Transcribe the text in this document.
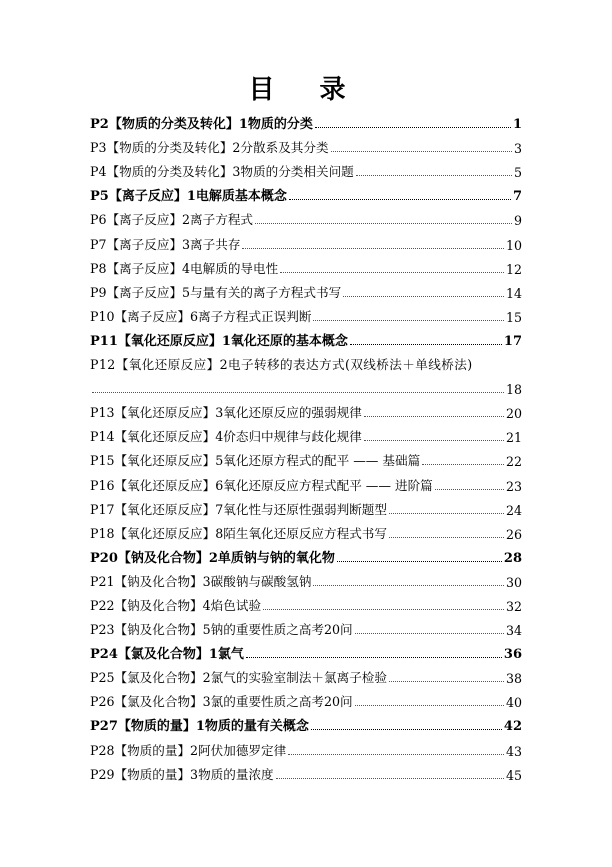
目 录
P2【物质的分类及转化】1物质的分类	1
P3【物质的分类及转化】2分散系及其分类	3
P4【物质的分类及转化】3物质的分类相关问题	5
P5【离子反应】1电解质基本概念	7
P6【离子反应】2离子方程式	9
P7【离子反应】3离子共存	10
P8【离子反应】4电解质的导电性	12
P9【离子反应】5与量有关的离子方程式书写	14
P10【离子反应】6离子方程式正误判断	15
P11【氧化还原反应】1氧化还原的基本概念	17
P12【氧化还原反应】2电子转移的表达方式(双线桥法＋单线桥法)
18
P13【氧化还原反应】3氧化还原反应的强弱规律	20
P14【氧化还原反应】4价态归中规律与歧化规律	21
P15【氧化还原反应】5氧化还原方程式的配平 —— 基础篇	22
P16【氧化还原反应】6氧化还原反应方程式配平 —— 进阶篇	23
P17【氧化还原反应】7氧化性与还原性强弱判断题型	24
P18【氧化还原反应】8陌生氧化还原反应方程式书写	26
P20【钠及化合物】2单质钠与钠的氧化物	28
P21【钠及化合物】3碳酸钠与碳酸氢钠	30
P22【钠及化合物】4焰色试验	32
P23【钠及化合物】5钠的重要性质之高考20问	34
P24【氯及化合物】1氯气	36
P25【氯及化合物】2氯气的实验室制法＋氯离子检验	38
P26【氯及化合物】3氯的重要性质之高考20问	40
P27【物质的量】1物质的量有关概念	42
P28【物质的量】2阿伏加德罗定律	43
P29【物质的量】3物质的量浓度	45
